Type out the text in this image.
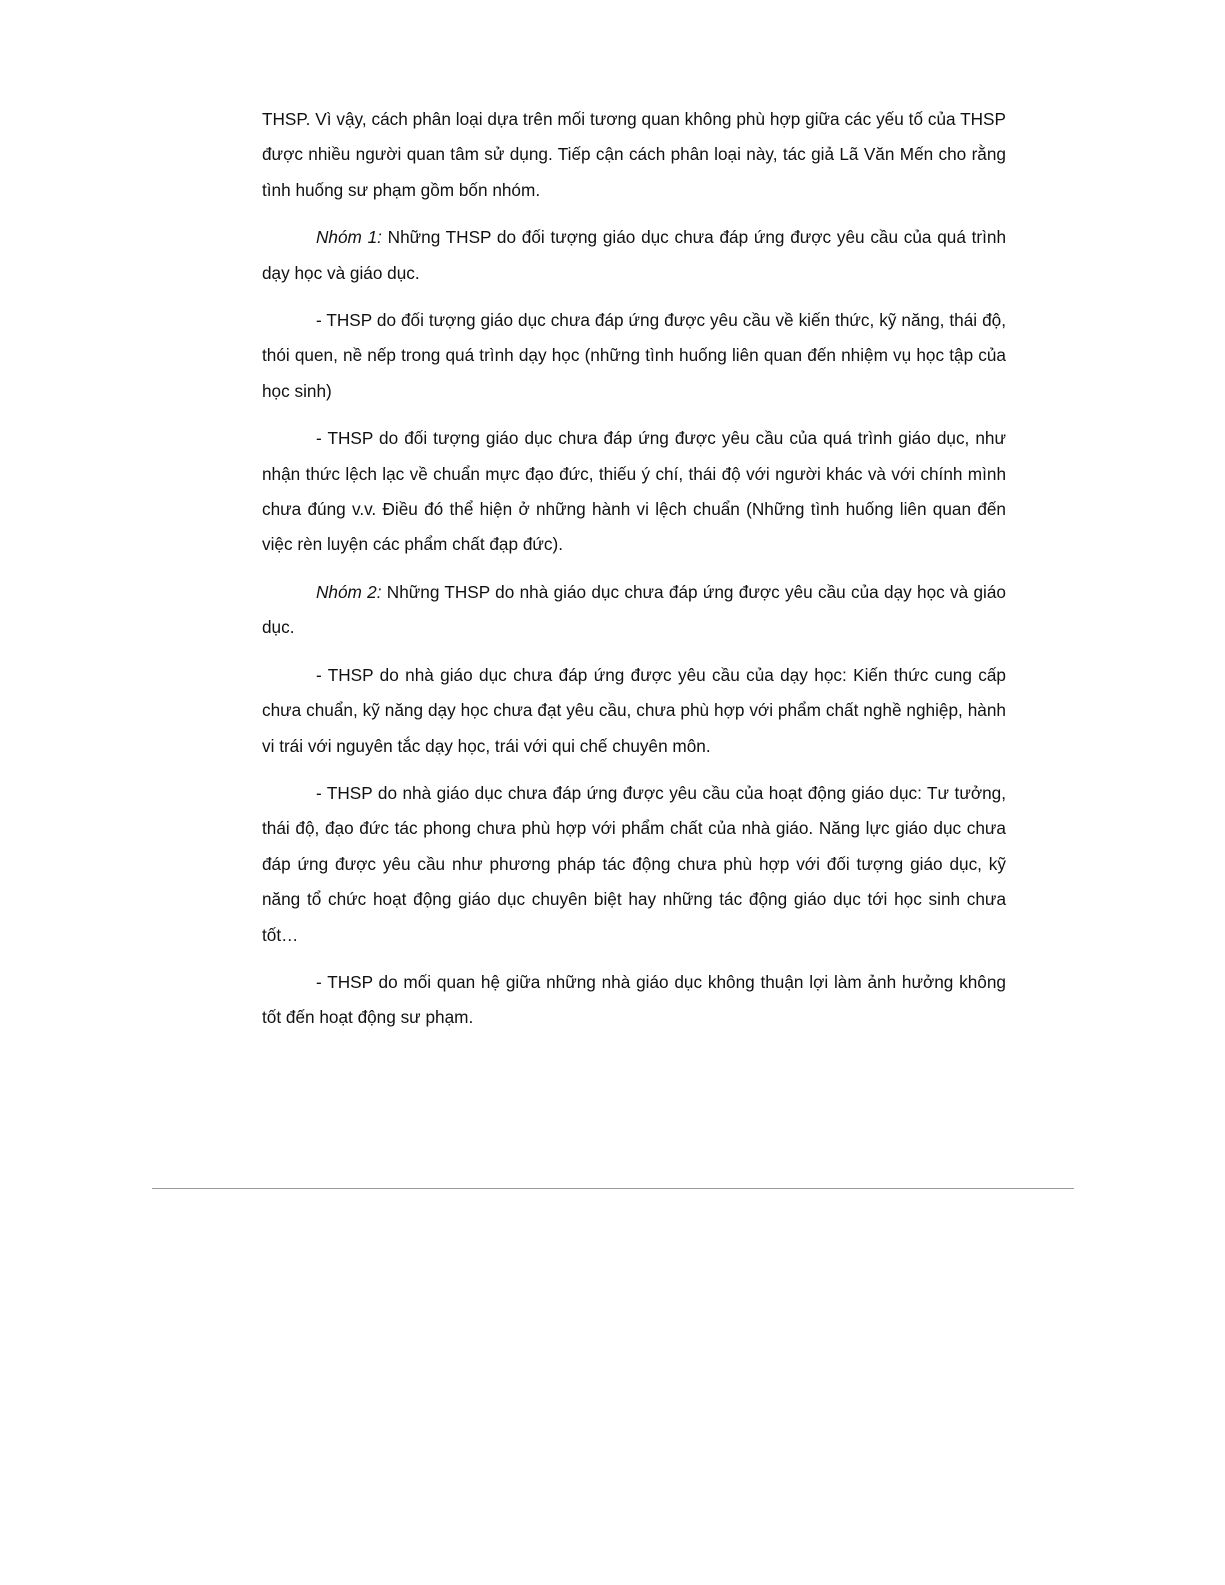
THSP. Vì vậy, cách phân loại dựa trên mối tương quan không phù hợp giữa các yếu tố của THSP được nhiều người quan tâm sử dụng. Tiếp cận cách phân loại này, tác giả Lã Văn Mến cho rằng tình huống sư phạm gồm bốn nhóm.

Nhóm 1: Những THSP do đối tượng giáo dục chưa đáp ứng được yêu cầu của quá trình dạy học và giáo dục.

- THSP do đối tượng giáo dục chưa đáp ứng được yêu cầu về kiến thức, kỹ năng, thái độ, thói quen, nề nếp trong quá trình dạy học (những tình huống liên quan đến nhiệm vụ học tập của học sinh)

- THSP do đối tượng giáo dục chưa đáp ứng được yêu cầu của quá trình giáo dục, như nhận thức lệch lạc về chuẩn mực đạo đức, thiếu ý chí, thái độ với người khác và với chính mình chưa đúng v.v. Điều đó thể hiện ở những hành vi lệch chuẩn (Những tình huống liên quan đến việc rèn luyện các phẩm chất đạp đức).

Nhóm 2: Những THSP do nhà giáo dục chưa đáp ứng được yêu cầu của dạy học và giáo dục.

- THSP do nhà giáo dục chưa đáp ứng được yêu cầu của dạy học: Kiến thức cung cấp chưa chuẩn, kỹ năng dạy học chưa đạt yêu cầu, chưa phù hợp với phẩm chất nghề nghiệp, hành vi trái với nguyên tắc dạy học, trái với qui chế chuyên môn.

- THSP do nhà giáo dục chưa đáp ứng được yêu cầu của hoạt động giáo dục: Tư tưởng, thái độ, đạo đức tác phong chưa phù hợp với phẩm chất của nhà giáo. Năng lực giáo dục chưa đáp ứng được yêu cầu như phương pháp tác động chưa phù hợp với đối tượng giáo dục, kỹ năng tổ chức hoạt động giáo dục chuyên biệt hay những tác động giáo dục tới học sinh chưa tốt…

- THSP do mối quan hệ giữa những nhà giáo dục không thuận lợi làm ảnh hưởng không tốt đến hoạt động sư phạm.
